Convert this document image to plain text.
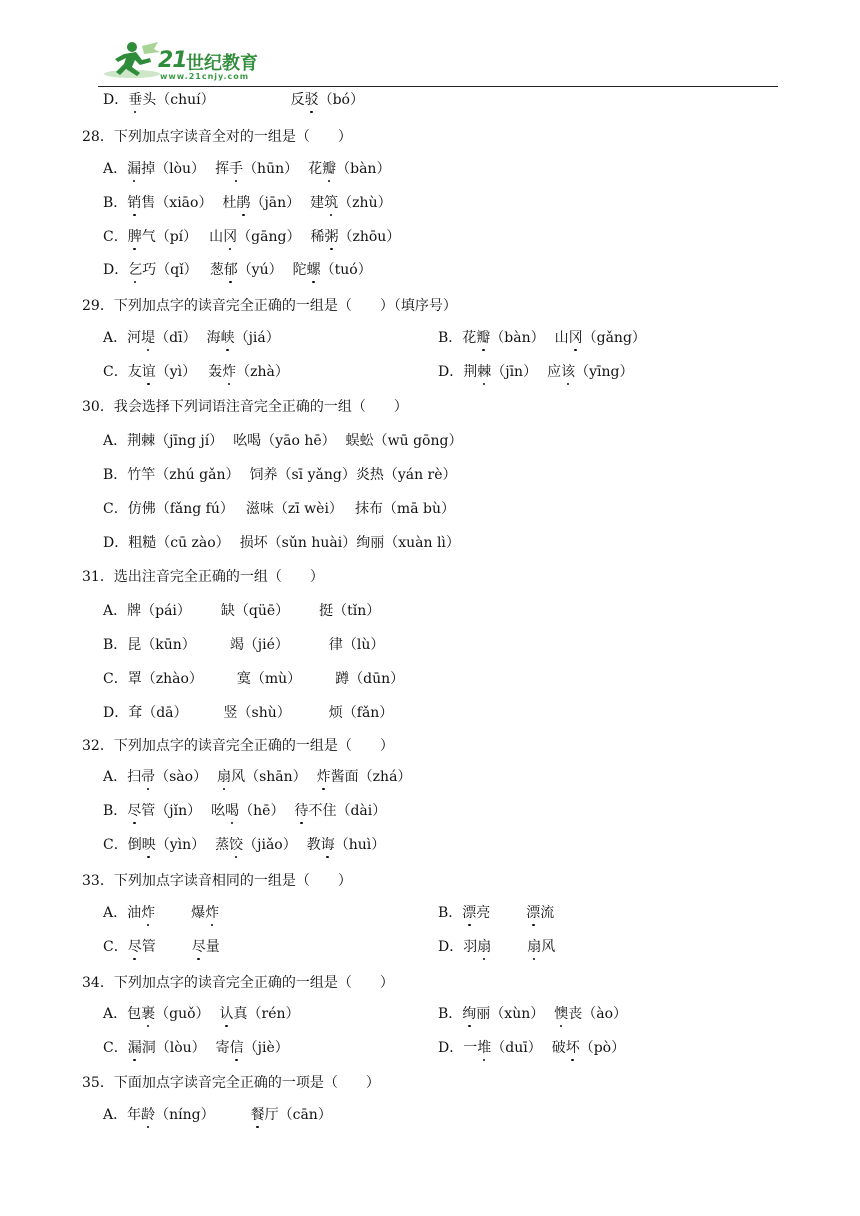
21 世纪教育
www.21cnjy.com
D．垂头（chuí）	反驳（bó）
28．下列加点字读音全对的一组是（　　）
A．漏掉（lòu） 挥手（hūn） 花瓣（bàn）
B．销售（xiāo） 杜鹃（jān） 建筑（zhù）
C．脾气（pí） 山冈（gāng） 稀粥（zhōu）
D．乞巧（qǐ） 葱郁（yú） 陀螺（tuó）
29．下列加点字的读音完全正确的一组是（　　）（填序号）
A．河堤（dī） 海峡（jiá）	B．花瓣（bàn） 山冈（gǎng）
C．友谊（yì） 轰炸（zhà）	D．荆棘（jīn） 应该（yīng）
30．我会选择下列词语注音完全正确的一组（　　）
A．荆棘（jīng jí） 吆喝（yāo hē） 蜈蚣（wū gōng）
B．竹竿（zhú gǎn） 饲养（sī yǎng）炎热（yán rè）
C．仿佛（fǎng fú） 滋味（zī wèi） 抹布（mā bù）
D．粗糙（cū zào） 损坏（sǔn huài）绚丽（xuàn lì）
31．选出注音完全正确的一组（　　）
A．牌（pái） 缺（qüē） 挺（tǐn）
B．昆（kūn） 竭（jié）	律（lù）
C．罩（zhào） 寞（mù） 蹲（dūn）
D．耷（dā）	竖（shù）	烦（fǎn）
32．下列加点字的读音完全正确的一组是（　　）
A．扫帚（sào） 扇风（shān） 炸酱面（zhá）
B．尽管（jǐn） 吆喝（hē） 待不住（dài）
C．倒映（yìn） 蒸饺（jiǎo） 教诲（huì）
33．下列加点字读音相同的一组是（　　）
A．油炸	爆炸	B．漂亮	漂流
C．尽管	尽量	D．羽扇	扇风
34．下列加点字的读音完全正确的一组是（　　）
A．包裹（guǒ） 认真（rén）	B．绚丽（xùn） 懊丧（ào）
C．漏洞（lòu） 寄信（jiè）	D．一堆（duī） 破坏（pò）
35．下面加点字读音完全正确的一项是（　　）
A．年龄（níng）	餐厅（cān）
